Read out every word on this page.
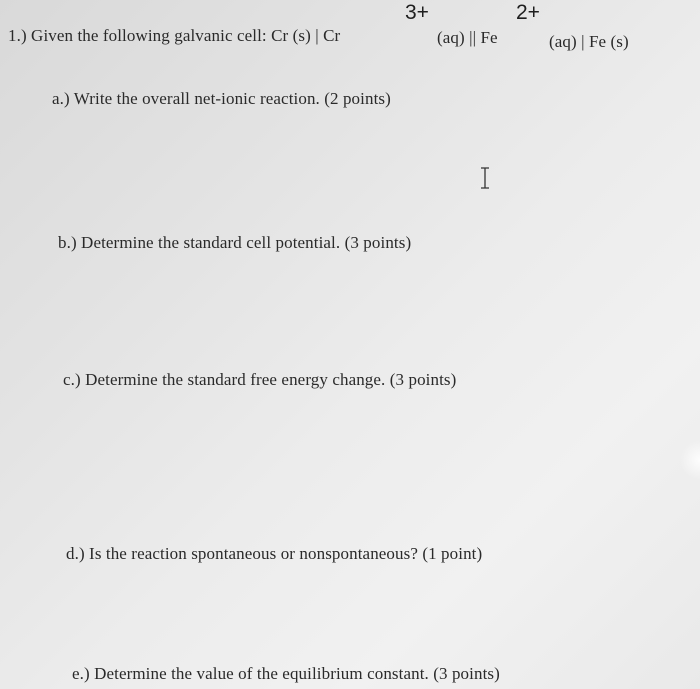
3+	2+
1.) Given the following galvanic cell: Cr (s) | Cr	(aq) || Fe	(aq) | Fe (s)
a.) Write the overall net-ionic reaction. (2 points)
b.) Determine the standard cell potential. (3 points)
c.) Determine the standard free energy change. (3 points)
d.) Is the reaction spontaneous or nonspontaneous? (1 point)
e.) Determine the value of the equilibrium constant. (3 points)
